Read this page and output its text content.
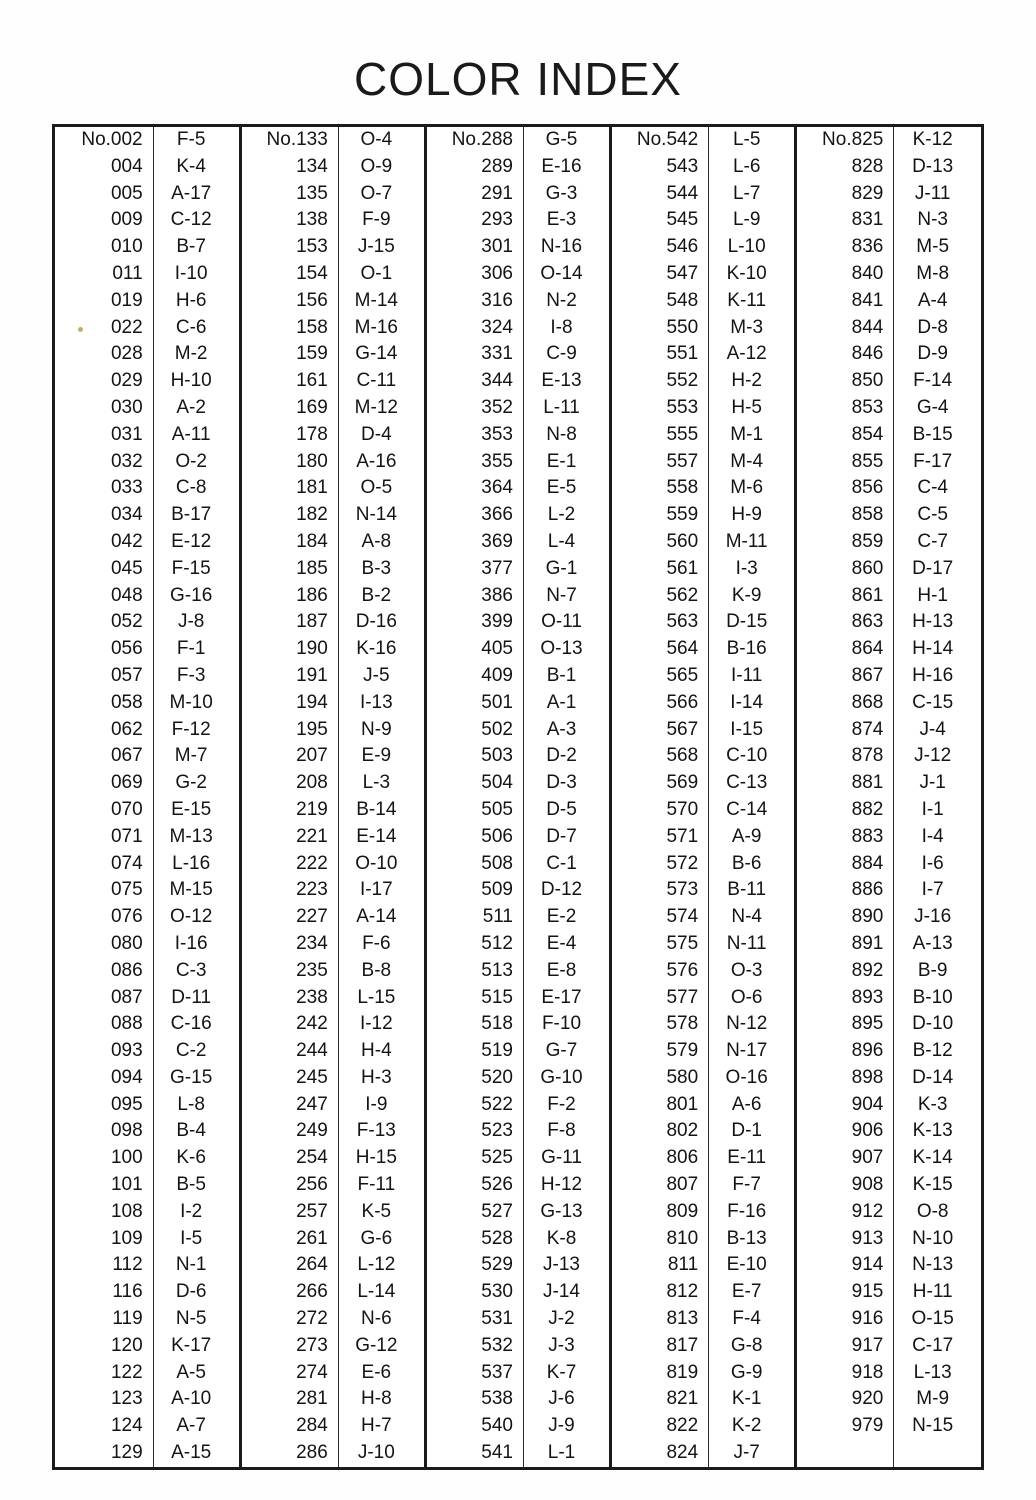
COLOR INDEX
No.002	F-5	No.133	O-4	No.288	G-5	No.542	L-5	No.825	K-12
004	K-4	134	O-9	289	E-16	543	L-6	828	D-13
005	A-17	135	O-7	291	G-3	544	L-7	829	J-11
009	C-12	138	F-9	293	E-3	545	L-9	831	N-3
010	B-7	153	J-15	301	N-16	546	L-10	836	M-5
011	I-10	154	O-1	306	O-14	547	K-10	840	M-8
019	H-6	156	M-14	316	N-2	548	K-11	841	A-4
022	C-6	158	M-16	324	I-8	550	M-3	844	D-8
028	M-2	159	G-14	331	C-9	551	A-12	846	D-9
029	H-10	161	C-11	344	E-13	552	H-2	850	F-14
030	A-2	169	M-12	352	L-11	553	H-5	853	G-4
031	A-11	178	D-4	353	N-8	555	M-1	854	B-15
032	O-2	180	A-16	355	E-1	557	M-4	855	F-17
033	C-8	181	O-5	364	E-5	558	M-6	856	C-4
034	B-17	182	N-14	366	L-2	559	H-9	858	C-5
042	E-12	184	A-8	369	L-4	560	M-11	859	C-7
045	F-15	185	B-3	377	G-1	561	I-3	860	D-17
048	G-16	186	B-2	386	N-7	562	K-9	861	H-1
052	J-8	187	D-16	399	O-11	563	D-15	863	H-13
056	F-1	190	K-16	405	O-13	564	B-16	864	H-14
057	F-3	191	J-5	409	B-1	565	I-11	867	H-16
058	M-10	194	I-13	501	A-1	566	I-14	868	C-15
062	F-12	195	N-9	502	A-3	567	I-15	874	J-4
067	M-7	207	E-9	503	D-2	568	C-10	878	J-12
069	G-2	208	L-3	504	D-3	569	C-13	881	J-1
070	E-15	219	B-14	505	D-5	570	C-14	882	I-1
071	M-13	221	E-14	506	D-7	571	A-9	883	I-4
074	L-16	222	O-10	508	C-1	572	B-6	884	I-6
075	M-15	223	I-17	509	D-12	573	B-11	886	I-7
076	O-12	227	A-14	511	E-2	574	N-4	890	J-16
080	I-16	234	F-6	512	E-4	575	N-11	891	A-13
086	C-3	235	B-8	513	E-8	576	O-3	892	B-9
087	D-11	238	L-15	515	E-17	577	O-6	893	B-10
088	C-16	242	I-12	518	F-10	578	N-12	895	D-10
093	C-2	244	H-4	519	G-7	579	N-17	896	B-12
094	G-15	245	H-3	520	G-10	580	O-16	898	D-14
095	L-8	247	I-9	522	F-2	801	A-6	904	K-3
098	B-4	249	F-13	523	F-8	802	D-1	906	K-13
100	K-6	254	H-15	525	G-11	806	E-11	907	K-14
101	B-5	256	F-11	526	H-12	807	F-7	908	K-15
108	I-2	257	K-5	527	G-13	809	F-16	912	O-8
109	I-5	261	G-6	528	K-8	810	B-13	913	N-10
112	N-1	264	L-12	529	J-13	811	E-10	914	N-13
116	D-6	266	L-14	530	J-14	812	E-7	915	H-11
119	N-5	272	N-6	531	J-2	813	F-4	916	O-15
120	K-17	273	G-12	532	J-3	817	G-8	917	C-17
122	A-5	274	E-6	537	K-7	819	G-9	918	L-13
123	A-10	281	H-8	538	J-6	821	K-1	920	M-9
124	A-7	284	H-7	540	J-9	822	K-2	979	N-15
129	A-15	286	J-10	541	L-1	824	J-7		
